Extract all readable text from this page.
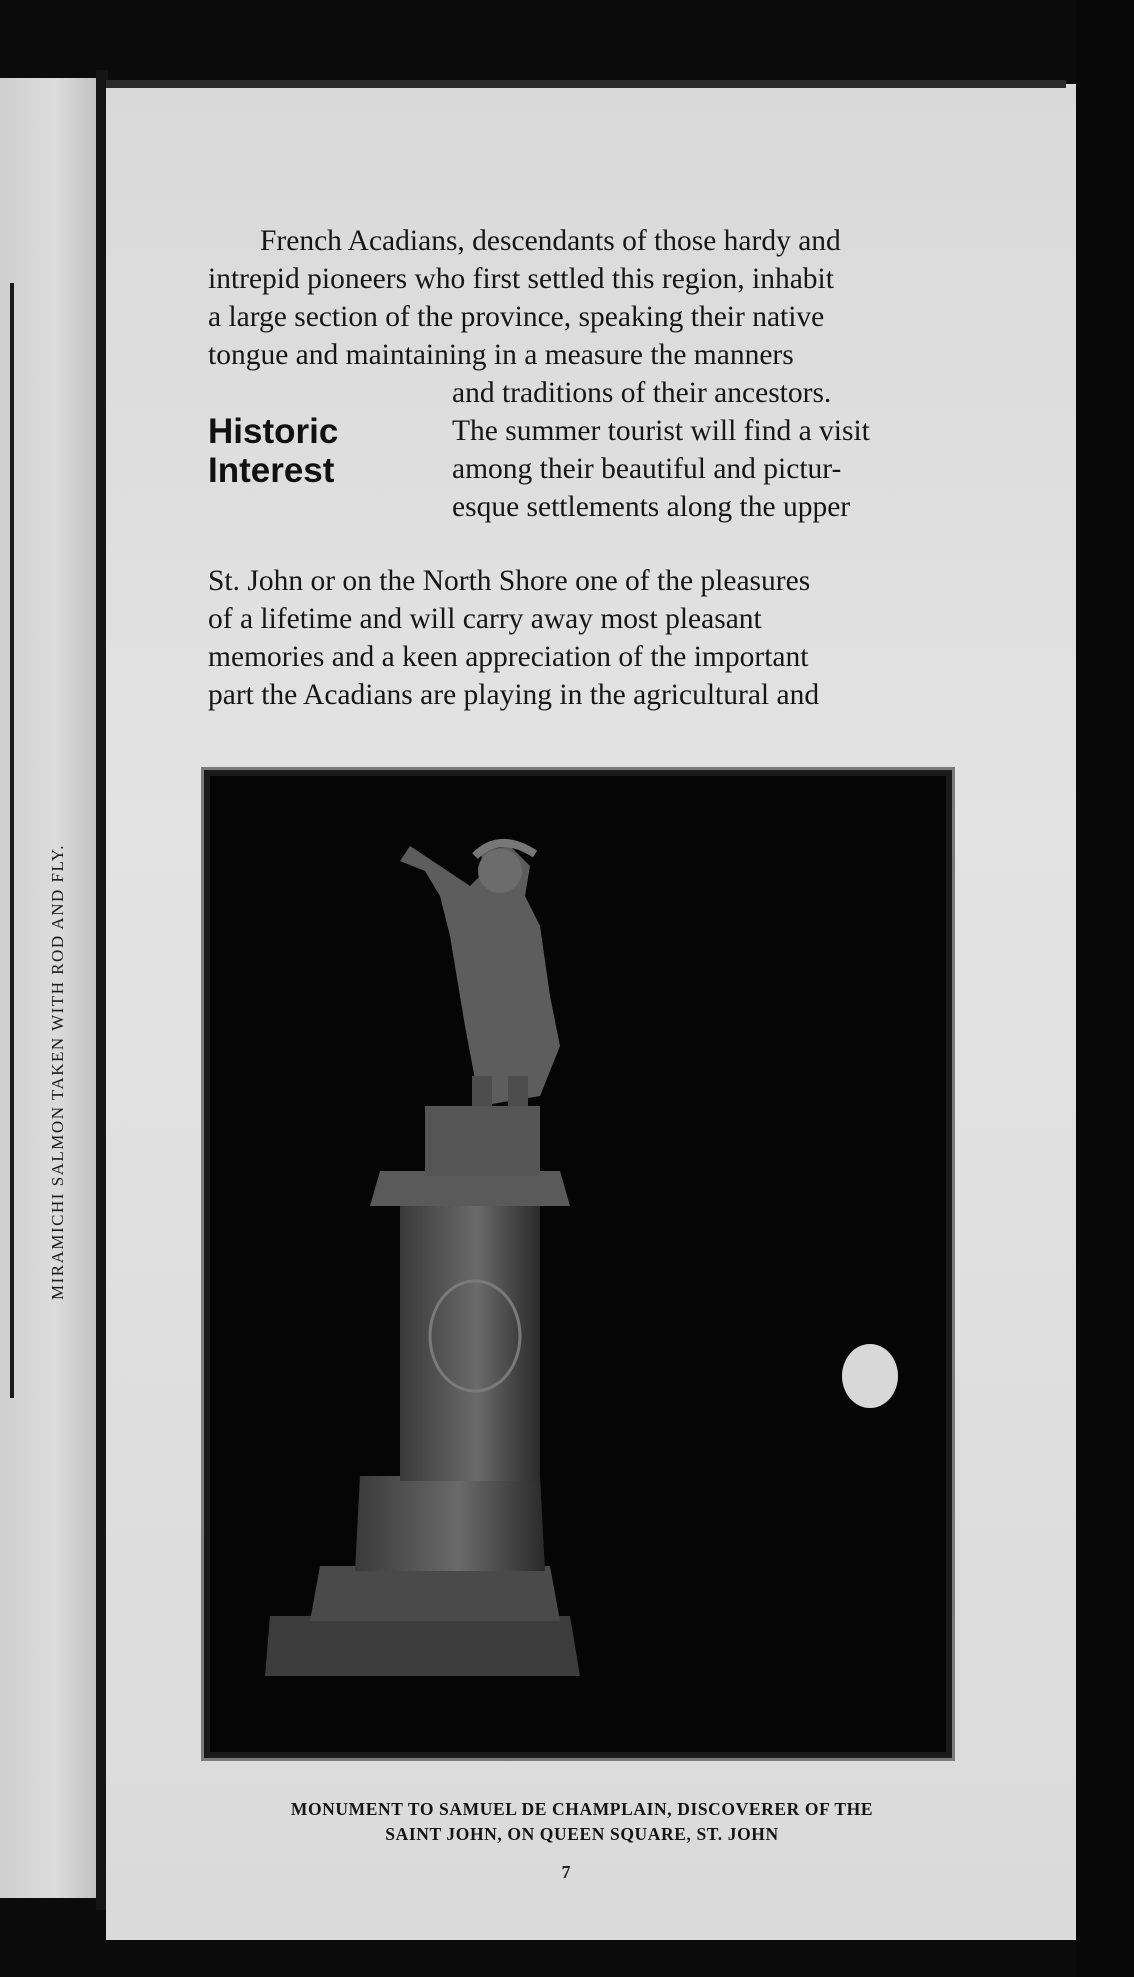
MIRAMICHI SALMON TAKEN WITH ROD AND FLY.

French Acadians, descendants of those hardy and

intrepid pioneers who first settled this region, inhabit

a large section of the province, speaking their native

tongue and maintaining in a measure the manners

Historic
Interest

and traditions of their ancestors.

The summer tourist will find a visit

among their beautiful and pictur-

esque settlements along the upper

St. John or on the North Shore one of the pleasures

of a lifetime and will carry away most pleasant

memories and a keen appreciation of the important

part the Acadians are playing in the agricultural and

MONUMENT TO SAMUEL DE CHAMPLAIN, DISCOVERER OF THE
SAINT JOHN, ON QUEEN SQUARE, ST. JOHN
7
